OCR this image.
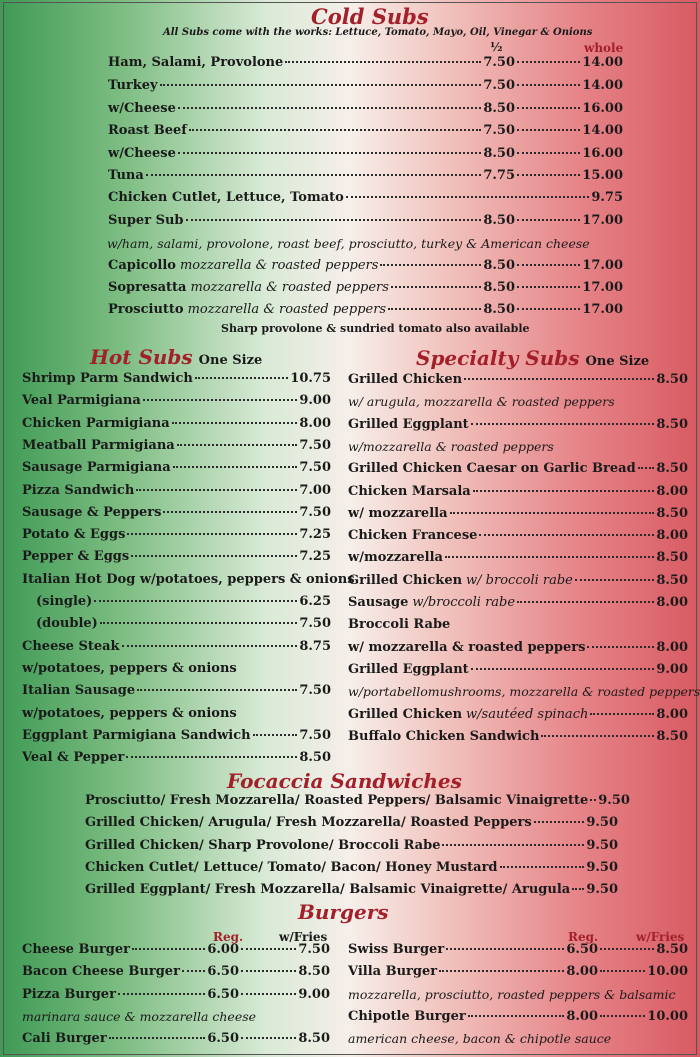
Cold Subs
All Subs come with the works: Lettuce, Tomato, Mayo, Oil, Vinegar & Onions
½	whole
Ham, Salami, Provolone	7.50	14.00
Turkey	7.50	14.00
w/Cheese	8.50	16.00
Roast Beef	7.50	14.00
w/Cheese	8.50	16.00
Tuna	7.75	15.00
Chicken Cutlet, Lettuce, Tomato	9.75
Super Sub	8.50	17.00
Capicollo mozzarella & roasted peppers	8.50	17.00
Sopresatta mozzarella & roasted peppers	8.50	17.00
Prosciutto mozzarella & roasted peppers	8.50	17.00
w/ham, salami, provolone, roast beef, prosciutto, turkey & American cheese
Sharp provolone & sundried tomato also available
Hot Subs One Size
Shrimp Parm Sandwich	10.75
Veal Parmigiana	9.00
Chicken Parmigiana	8.00
Meatball Parmigiana	7.50
Sausage Parmigiana	7.50
Pizza Sandwich	7.00
Sausage & Peppers	7.50
Potato & Eggs	7.25
Pepper & Eggs	7.25
Italian Hot Dog w/potatoes, peppers & onions
(single)	6.25
(double)	7.50
Cheese Steak	8.75
w/potatoes, peppers & onions
Italian Sausage	7.50
w/potatoes, peppers & onions
Eggplant Parmigiana Sandwich	7.50
Veal & Pepper	8.50
Specialty Subs One Size
Grilled Chicken	8.50
w/ arugula, mozzarella & roasted peppers
Grilled Eggplant	8.50
w/mozzarella & roasted peppers
Grilled Chicken Caesar on Garlic Bread 8.50
Chicken Marsala	8.00
w/ mozzarella	8.50
Chicken Francese	8.00
w/mozzarella	8.50
Grilled Chicken w/ broccoli rabe	8.50
Sausage w/broccoli rabe	8.00
Broccoli Rabe
w/ mozzarella & roasted peppers	8.00
Grilled Eggplant	9.00
w/portabellomushrooms, mozzarella & roasted peppers
Grilled Chicken w/sautéed spinach	8.00
Buffalo Chicken Sandwich	8.50
Focaccia Sandwiches
Prosciutto/ Fresh Mozzarella/ Roasted Peppers/ Balsamic Vinaigrette 9.50
Grilled Chicken/ Arugula/ Fresh Mozzarella/ Roasted Peppers	9.50
Grilled Chicken/ Sharp Provolone/ Broccoli Rabe	9.50
Chicken Cutlet/ Lettuce/ Tomato/ Bacon/ Honey Mustard	9.50
Grilled Eggplant/ Fresh Mozzarella/ Balsamic Vinaigrette/ Arugula 9.50
Burgers
Reg.	w/Fries	Reg.	w/Fries
Cheese Burger	6.00	7.50
Bacon Cheese Burger 6.50	8.50
Pizza Burger	6.50	9.00
marinara sauce & mozzarella cheese
Cali Burger	6.50	8.50
Swiss Burger	6.50	8.50
Villa Burger	8.00	10.00
mozzarella, prosciutto, roasted peppers & balsamic
Chipotle Burger	8.00	10.00
american cheese, bacon & chipotle sauce
